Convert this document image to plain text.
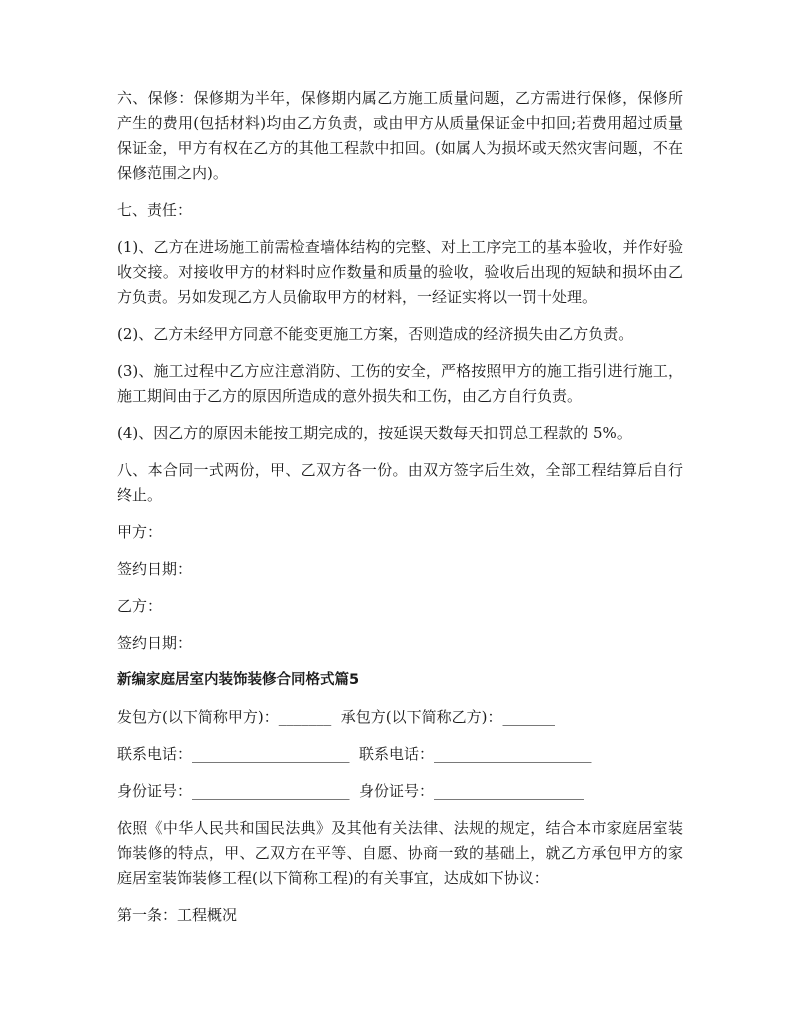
六、保修：保修期为半年，保修期内属乙方施工质量问题，乙方需进行保修，保修所产生的费用(包括材料)均由乙方负责，或由甲方从质量保证金中扣回;若费用超过质量保证金，甲方有权在乙方的其他工程款中扣回。(如属人为损坏或天然灾害问题，不在保修范围之内)。

七、责任：

(1)、乙方在进场施工前需检查墙体结构的完整、对上工序完工的基本验收，并作好验收交接。对接收甲方的材料时应作数量和质量的验收，验收后出现的短缺和损坏由乙方负责。另如发现乙方人员偷取甲方的材料，一经证实将以一罚十处理。

(2)、乙方未经甲方同意不能变更施工方案，否则造成的经济损失由乙方负责。

(3)、施工过程中乙方应注意消防、工伤的安全，严格按照甲方的施工指引进行施工，施工期间由于乙方的原因所造成的意外损失和工伤，由乙方自行负责。

(4)、因乙方的原因未能按工期完成的，按延误天数每天扣罚总工程款的 5%。

八、本合同一式两份，甲、乙双方各一份。由双方签字后生效，全部工程结算后自行终止。

甲方：

签约日期：

乙方：

签约日期：

新编家庭居室内装饰装修合同格式篇5

发包方(以下简称甲方)：_______ 承包方(以下简称乙方)：_______
联系电话：_____________________ 联系电话：_____________________
身份证号：_____________________ 身份证号：____________________

依照《中华人民共和国民法典》及其他有关法律、法规的规定，结合本市家庭居室装饰装修的特点，甲、乙双方在平等、自愿、协商一致的基础上，就乙方承包甲方的家庭居室装饰装修工程(以下简称工程)的有关事宜，达成如下协议：

第一条：工程概况
